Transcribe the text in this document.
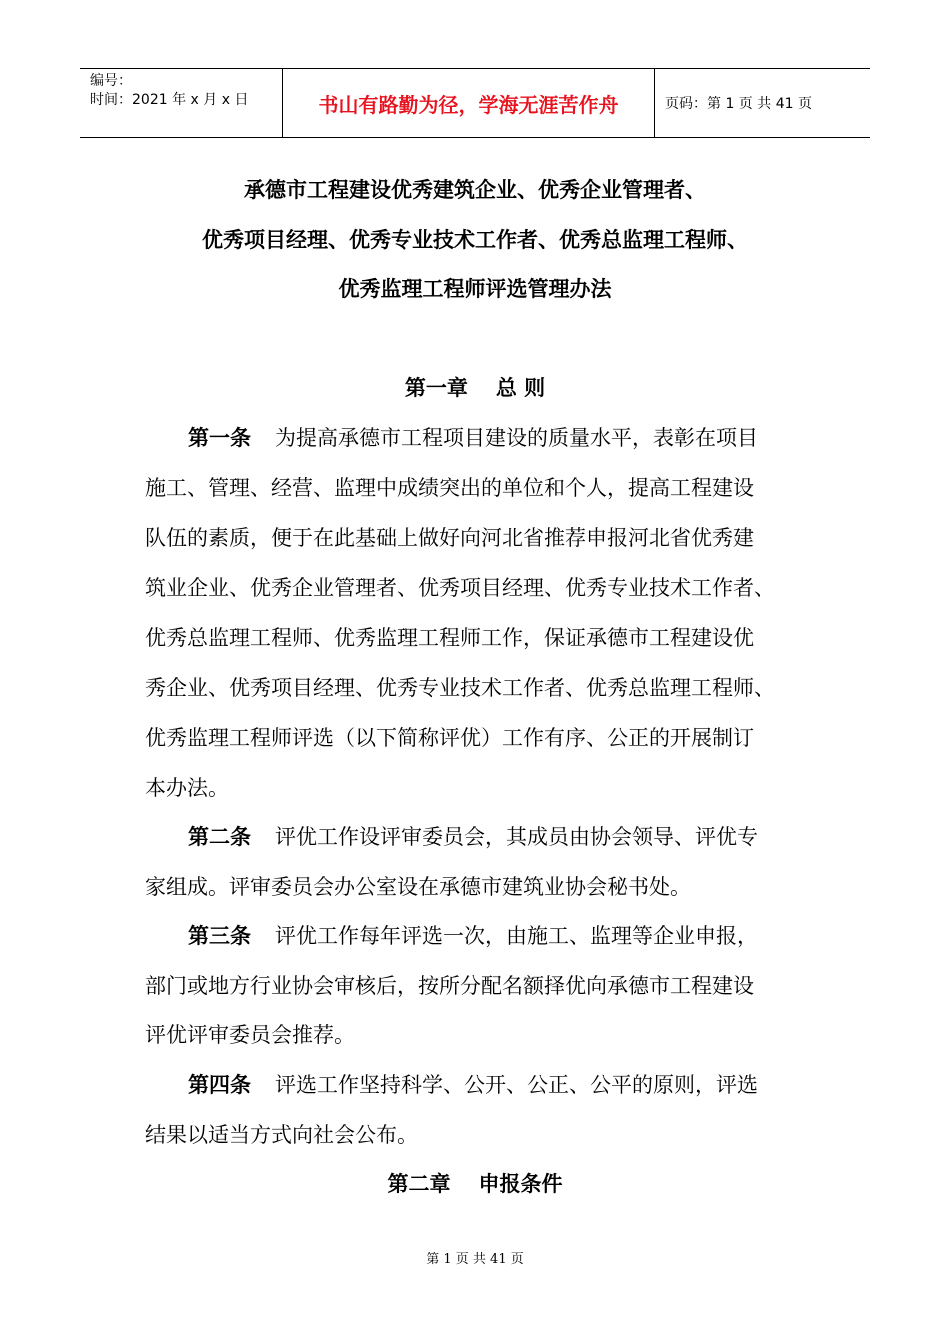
编号：
时间：2021 年 x 月 x 日	书山有路勤为径，学海无涯苦作舟	页码：第 1 页 共 41 页
承德市工程建设优秀建筑企业、优秀企业管理者、
优秀项目经理、优秀专业技术工作者、优秀总监理工程师、
优秀监理工程师评选管理办法
第一章 总 则
第一条 为提高承德市工程项目建设的质量水平，表彰在项目
施工、管理、经营、监理中成绩突出的单位和个人，提高工程建设
队伍的素质，便于在此基础上做好向河北省推荐申报河北省优秀建
筑业企业、优秀企业管理者、优秀项目经理、优秀专业技术工作者、
优秀总监理工程师、优秀监理工程师工作，保证承德市工程建设优
秀企业、优秀项目经理、优秀专业技术工作者、优秀总监理工程师、
优秀监理工程师评选（以下简称评优）工作有序、公正的开展制订
本办法。
第二条 评优工作设评审委员会，其成员由协会领导、评优专
家组成。评审委员会办公室设在承德市建筑业协会秘书处。
第三条 评优工作每年评选一次，由施工、监理等企业申报，
部门或地方行业协会审核后，按所分配名额择优向承德市工程建设
评优评审委员会推荐。
第四条 评选工作坚持科学、公开、公正、公平的原则，评选
结果以适当方式向社会公布。
第二章 申报条件
第 1 页 共 41 页
